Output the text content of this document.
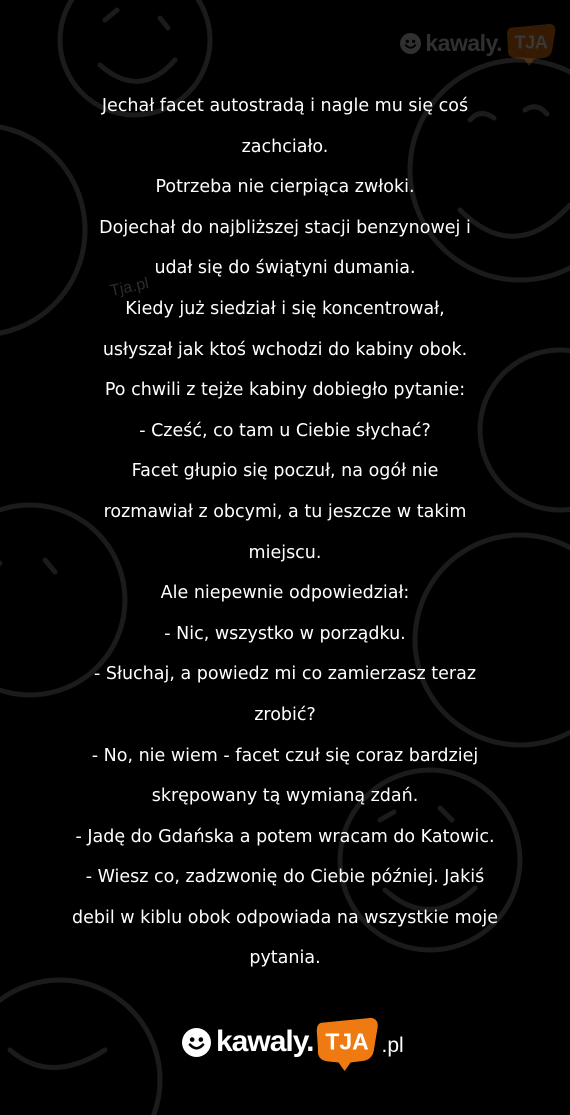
kawaly. TJA
Tja.pl

Jechał facet autostradą i nagle mu się coś
zachciało.
Potrzeba nie cierpiąca zwłoki.
Dojechał do najbliższej stacji benzynowej i
udał się do świątyni dumania.
Kiedy już siedział i się koncentrował,
usłyszał jak ktoś wchodzi do kabiny obok.
Po chwili z tejże kabiny dobiegło pytanie:
- Cześć, co tam u Ciebie słychać?
Facet głupio się poczuł, na ogół nie
rozmawiał z obcymi, a tu jeszcze w takim
miejscu.
Ale niepewnie odpowiedział:
- Nic, wszystko w porządku.
- Słuchaj, a powiedz mi co zamierzasz teraz
zrobić?
- No, nie wiem - facet czuł się coraz bardziej
skrępowany tą wymianą zdań.
- Jadę do Gdańska a potem wracam do Katowic.
- Wiesz co, zadzwonię do Ciebie później. Jakiś
debil w kiblu obok odpowiada na wszystkie moje
pytania.

kawaly. TJA .pl
